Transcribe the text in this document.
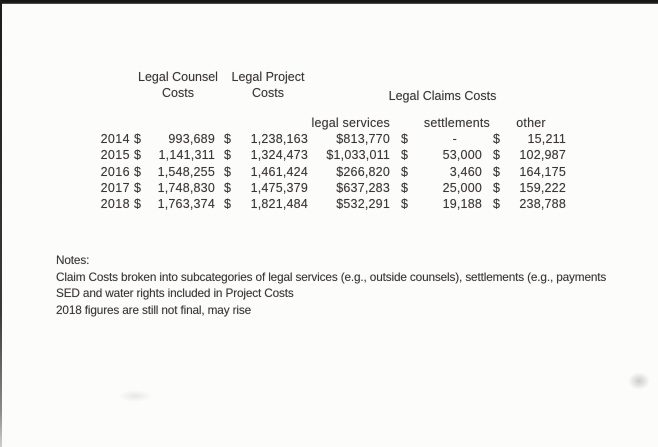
Legal Counsel Costs
Legal Project Costs	Legal Claims Costs
legal services	settlements	other
2014 $	993,689 $	1,238,163	$813,770 $	-	$	15,211
2015 $	1,141,311 $	1,324,473	$1,033,011 $	53,000 $	102,987
2016 $	1,548,255 $	1,461,424	$266,820 $	3,460 $	164,175
2017 $	1,748,830 $	1,475,379	$637,283 $	25,000 $	159,222
2018 $	1,763,374 $	1,821,484	$532,291 $	19,188 $	238,788
Notes:
Claim Costs broken into subcategories of legal services (e.g., outside counsels), settlements (e.g., payments
SED and water rights included in Project Costs
2018 figures are still not final, may rise
